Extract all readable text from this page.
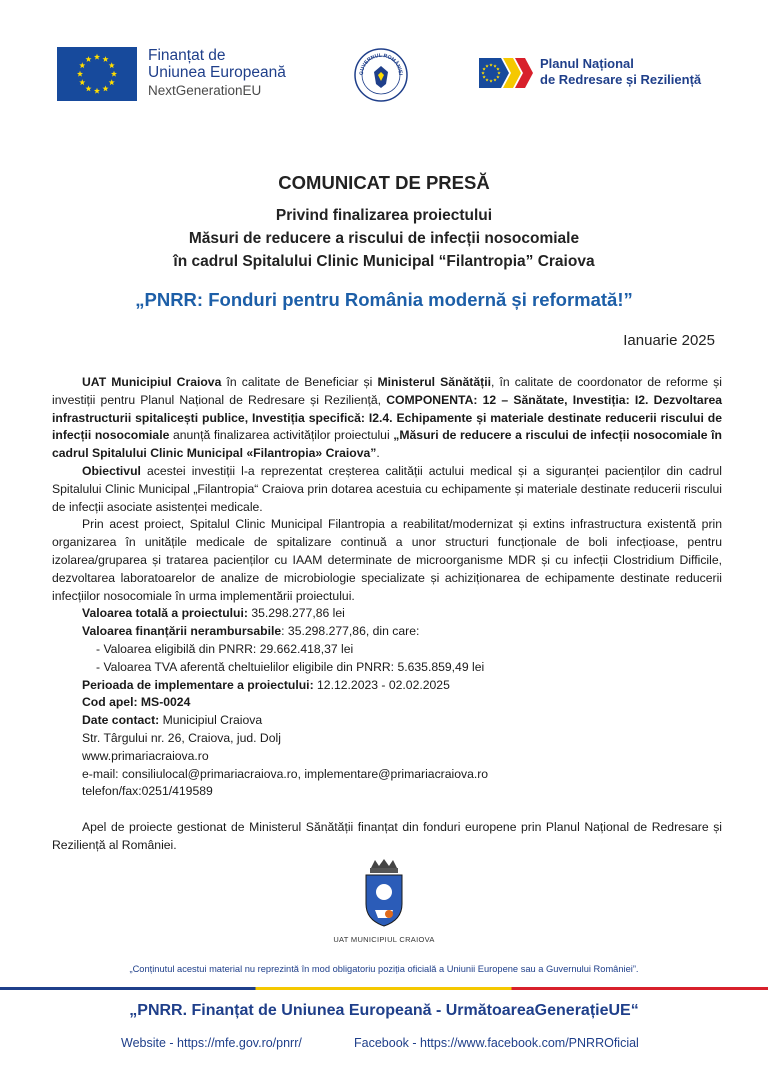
Finanțat de
Uniunea Europeană
NextGenerationEU
GUVERNUL ROMÂNIEI
Planul Național
de Redresare și Reziliență
COMUNICAT DE PRESĂ
Privind finalizarea proiectului
Măsuri de reducere a riscului de infecții nosocomiale
în cadrul Spitalului Clinic Municipal “Filantropia” Craiova
„PNRR: Fonduri pentru România modernă și reformată!”
Ianuarie 2025

UAT Municipiul Craiova în calitate de Beneficiar și Ministerul Sănătății, în calitate de coordonator de reforme și investiții pentru Planul Național de Redresare și Reziliență, COMPONENTA: 12 – Sănătate, Investiția: I2. Dezvoltarea infrastructurii spitalicești publice, Investiția specifică: I2.4. Echipamente și materiale destinate reducerii riscului de infecții nosocomiale anunță finalizarea activităților proiectului „Măsuri de reducere a riscului de infecții nosocomiale în cadrul Spitalului Clinic Municipal «Filantropia» Craiova”.

Obiectivul acestei investiții l-a reprezentat creșterea calității actului medical și a siguranței pacienților din cadrul Spitalului Clinic Municipal „Filantropia“ Craiova prin dotarea acestuia cu echipamente și materiale destinate reducerii riscului de infecții asociate asistenței medicale.

Prin acest proiect, Spitalul Clinic Municipal Filantropia a reabilitat/modernizat și extins infrastructura existentă prin organizarea în unitățile medicale de spitalizare continuă a unor structuri funcționale de boli infecțioase, pentru izolarea/gruparea și tratarea pacienților cu IAAM determinate de microorganisme MDR și cu infecții Clostridium Difficile, dezvoltarea laboratoarelor de analize de microbiologie specializate și achiziționarea de echipamente destinate reducerii infecțiilor nosocomiale în urma implementării proiectului.

Valoarea totală a proiectului: 35.298.277,86 lei
Valoarea finanțării nerambursabile: 35.298.277,86, din care:
- Valoarea eligibilă din PNRR: 29.662.418,37 lei
- Valoarea TVA aferentă cheltuielilor eligibile din PNRR: 5.635.859,49 lei
Perioada de implementare a proiectului: 12.12.2023 - 02.02.2025
Cod apel: MS-0024
Date contact: Municipiul Craiova
Str. Târgului nr. 26, Craiova, jud. Dolj
www.primariacraiova.ro
e-mail: consiliulocal@primariacraiova.ro, implementare@primariacraiova.ro
telefon/fax:0251/419589

Apel de proiecte gestionat de Ministerul Sănătății finanțat din fonduri europene prin Planul Național de Redresare și Reziliență al României.

UAT MUNICIPIUL CRAIOVA
„Conținutul acestui material nu reprezintă în mod obligatoriu poziția oficială a Uniunii Europene sau a Guvernului României”.
„PNRR. Finanțat de Uniunea Europeană - UrmătoareaGenerațieUE“
Website - https://mfe.gov.ro/pnrr/	Facebook - https://www.facebook.com/PNRROficial
